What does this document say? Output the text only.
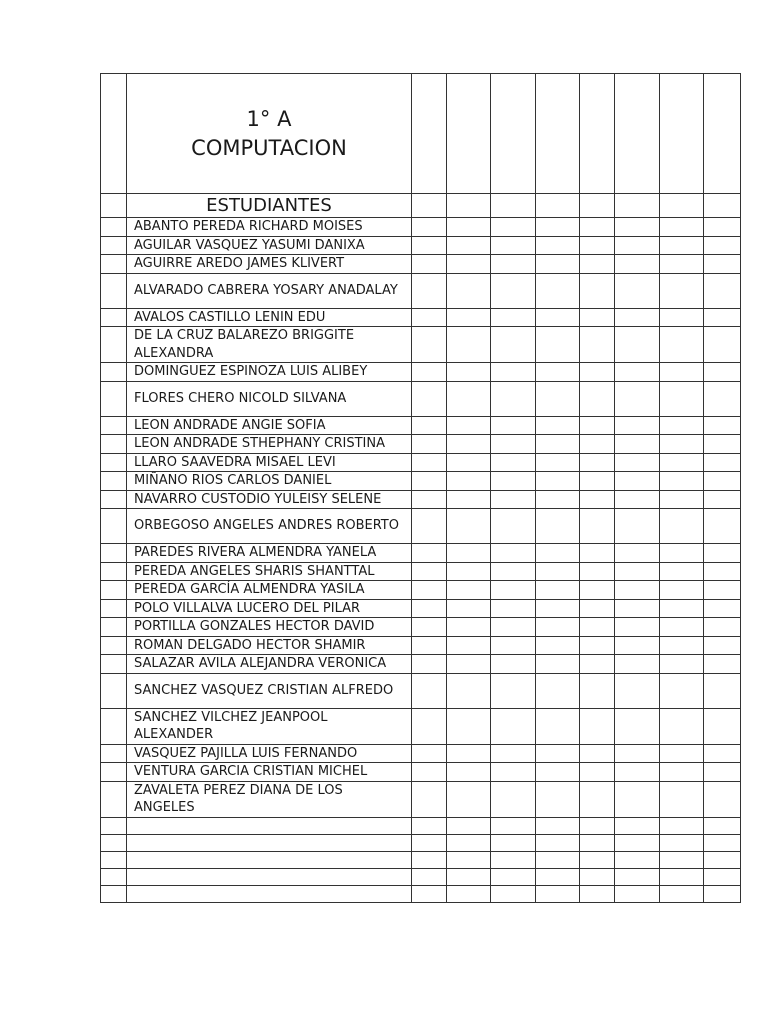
	1° A
COMPUTACION								

	ESTUDIANTES								
	ABANTO PEREDA RICHARD MOISES								
	AGUILAR VASQUEZ YASUMI DANIXA								
	AGUIRRE AREDO JAMES KLIVERT								
	ALVARADO CABRERA YOSARY ANADALAY								
	AVALOS CASTILLO LENIN EDU								
	DE LA CRUZ BALAREZO BRIGGITE ALEXANDRA								
	DOMINGUEZ ESPINOZA LUIS ALIBEY								
	FLORES CHERO NICOLD SILVANA								
	LEON ANDRADE ANGIE SOFIA								
	LEON ANDRADE STHEPHANY CRISTINA								
	LLARO SAAVEDRA MISAEL LEVI								
	MIÑANO RIOS CARLOS DANIEL								
	NAVARRO CUSTODIO YULEISY SELENE								
	ORBEGOSO ANGELES ANDRES ROBERTO								
	PAREDES RIVERA ALMENDRA YANELA								
	PEREDA ANGELES SHARIS SHANTTAL								
	PEREDA GARCÍA ALMENDRA YASILA								
	POLO VILLALVA LUCERO DEL PILAR								
	PORTILLA GONZALES HECTOR DAVID								
	ROMAN DELGADO HECTOR SHAMIR								
	SALAZAR AVILA ALEJANDRA VERONICA								
	SANCHEZ VASQUEZ CRISTIAN ALFREDO								
	SANCHEZ VILCHEZ JEANPOOL ALEXANDER								
	VASQUEZ PAJILLA LUIS FERNANDO								
	VENTURA GARCIA CRISTIAN MICHEL								
	ZAVALETA PEREZ DIANA DE LOS ANGELES								
